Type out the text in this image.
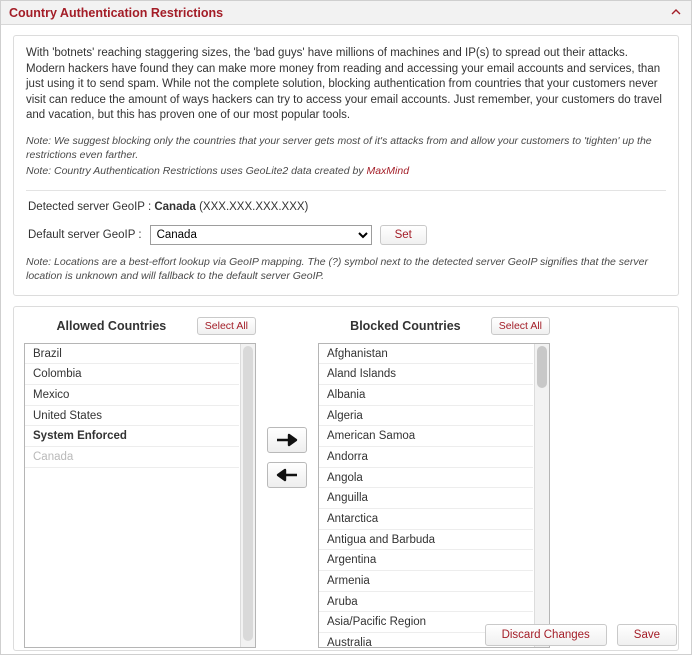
Country Authentication Restrictions

With 'botnets' reaching staggering sizes, the 'bad guys' have millions of machines and IP(s) to spread out their attacks. Modern hackers have found they can make more money from reading and accessing your email accounts and services, than just using it to send spam. While not the complete solution, blocking authentication from countries that your customers never visit can reduce the amount of ways hackers can try to access your email accounts. Just remember, your customers do travel and vacation, but this has proven one of our most popular tools.

Note: We suggest blocking only the countries that your server gets most of it's attacks from and allow your customers to 'tighten' up the restrictions even farther.

Note: Country Authentication Restrictions uses GeoLite2 data created by MaxMind

Detected server GeoIP : Canada (XXX.XXX.XXX.XXX)
Default server GeoIP :
Canada	Set
Note: Locations are a best-effort lookup via GeoIP mapping. The (?) symbol next to the detected server GeoIP signifies that the server location is unknown and will fallback to the default server GeoIP.
Allowed Countries	Select All
Brazil
Colombia
Mexico
United States
System Enforced
Canada
Blocked Countries	Select All
Afghanistan
Aland Islands
Albania
Algeria
American Samoa
Andorra
Angola
Anguilla
Antarctica
Antigua and Barbuda
Argentina
Armenia
Aruba
Asia/Pacific Region
Australia
Discard Changes	Save
